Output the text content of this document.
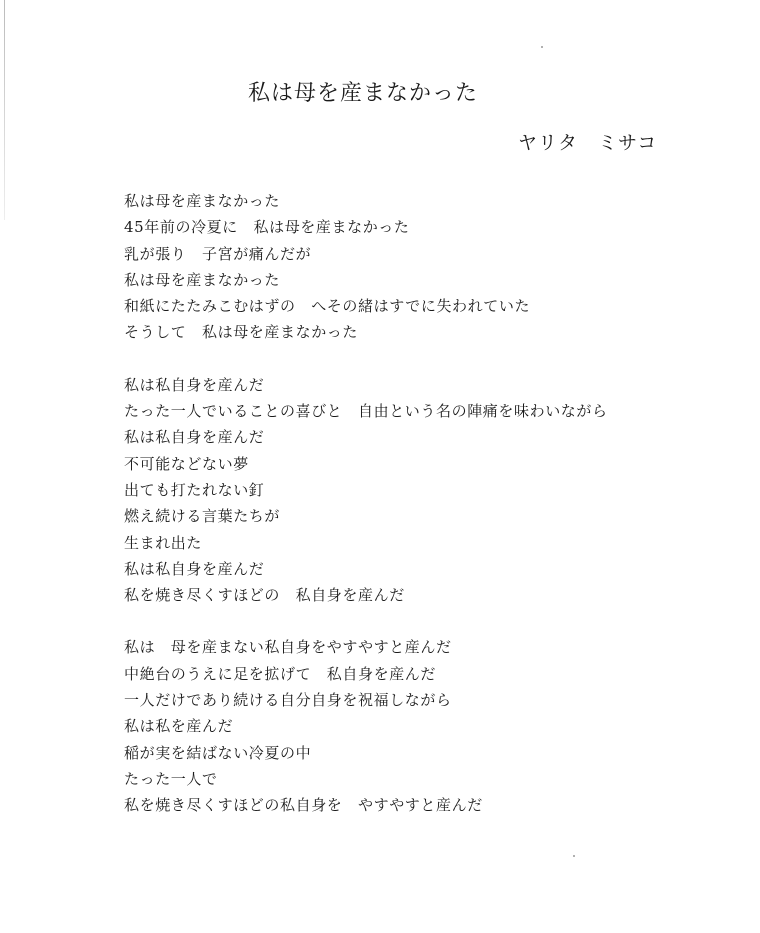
私は母を産まなかった
ヤリタ　ミサコ
私は母を産まなかった
45年前の冷夏に　私は母を産まなかった
乳が張り　子宮が痛んだが
私は母を産まなかった
和紙にたたみこむはずの　へその緒はすでに失われていた
そうして　私は母を産まなかった
私は私自身を産んだ
たった一人でいることの喜びと　自由という名の陣痛を味わいながら
私は私自身を産んだ
不可能などない夢
出ても打たれない釘
燃え続ける言葉たちが
生まれ出た
私は私自身を産んだ
私を焼き尽くすほどの　私自身を産んだ
私は　母を産まない私自身をやすやすと産んだ
中絶台のうえに足を拡げて　私自身を産んだ
一人だけであり続ける自分自身を祝福しながら
私は私を産んだ
稲が実を結ばない冷夏の中
たった一人で
私を焼き尽くすほどの私自身を　やすやすと産んだ
